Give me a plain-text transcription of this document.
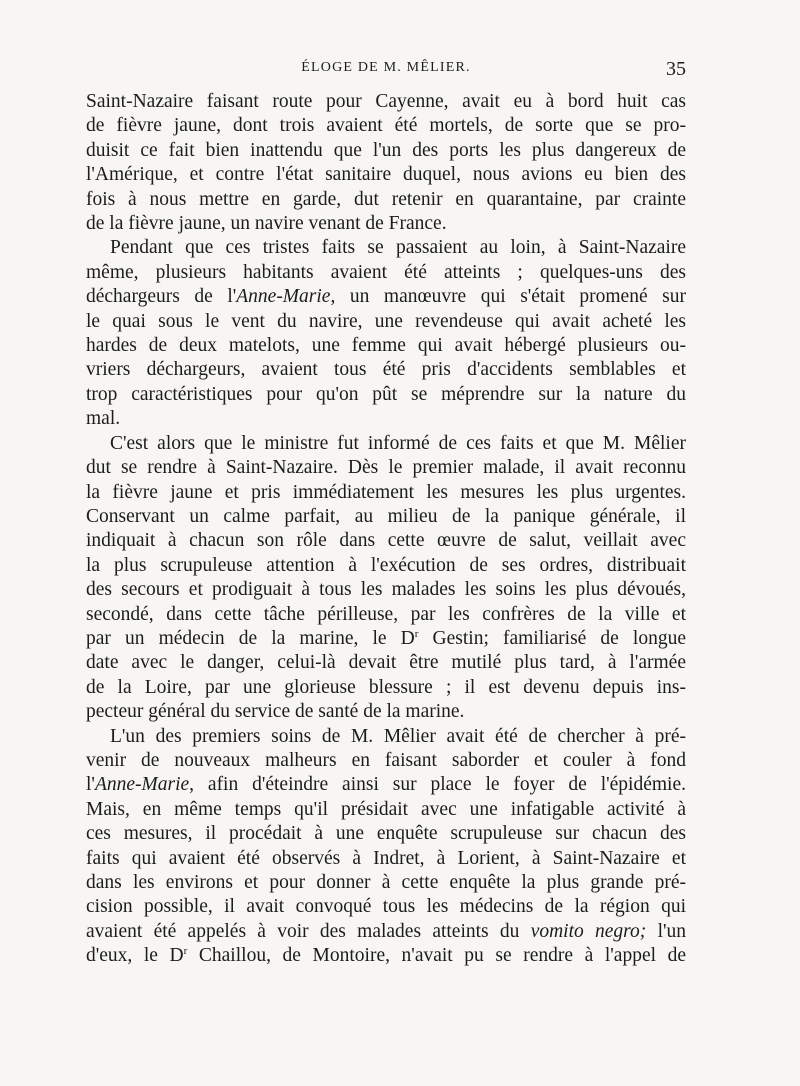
ÉLOGE DE M. MÊLIER.	35

Saint-Nazaire faisant route pour Cayenne, avait eu à bord huit cas
de fièvre jaune, dont trois avaient été mortels, de sorte que se pro-
duisit ce fait bien inattendu que l'un des ports les plus dangereux de
l'Amérique, et contre l'état sanitaire duquel, nous avions eu bien des
fois à nous mettre en garde, dut retenir en quarantaine, par crainte
de la fièvre jaune, un navire venant de France.

Pendant que ces tristes faits se passaient au loin, à Saint-Nazaire
même, plusieurs habitants avaient été atteints ; quelques-uns des
déchargeurs de l'Anne-Marie, un manœuvre qui s'était promené sur
le quai sous le vent du navire, une revendeuse qui avait acheté les
hardes de deux matelots, une femme qui avait hébergé plusieurs ou-
vriers déchargeurs, avaient tous été pris d'accidents semblables et
trop caractéristiques pour qu'on pût se méprendre sur la nature du
mal.

C'est alors que le ministre fut informé de ces faits et que M. Mêlier
dut se rendre à Saint-Nazaire. Dès le premier malade, il avait reconnu
la fièvre jaune et pris immédiatement les mesures les plus urgentes.
Conservant un calme parfait, au milieu de la panique générale, il
indiquait à chacun son rôle dans cette œuvre de salut, veillait avec
la plus scrupuleuse attention à l'exécution de ses ordres, distribuait
des secours et prodiguait à tous les malades les soins les plus dévoués,
secondé, dans cette tâche périlleuse, par les confrères de la ville et
par un médecin de la marine, le $D^r$ Gestin; familiarisé de longue
date avec le danger, celui-là devait être mutilé plus tard, à l'armée
de la Loire, par une glorieuse blessure ; il est devenu depuis ins-
pecteur général du service de santé de la marine.

L'un des premiers soins de M. Mêlier avait été de chercher à pré-
venir de nouveaux malheurs en faisant saborder et couler à fond
l'Anne-Marie, afin d'éteindre ainsi sur place le foyer de l'épidémie.
Mais, en même temps qu'il présidait avec une infatigable activité à
ces mesures, il procédait à une enquête scrupuleuse sur chacun des
faits qui avaient été observés à Indret, à Lorient, à Saint-Nazaire et
dans les environs et pour donner à cette enquête la plus grande pré-
cision possible, il avait convoqué tous les médecins de la région qui
avaient été appelés à voir des malades atteints du vomito negro; l'un
d'eux, le $D^r$ Chaillou, de Montoire, n'avait pu se rendre à l'appel de
